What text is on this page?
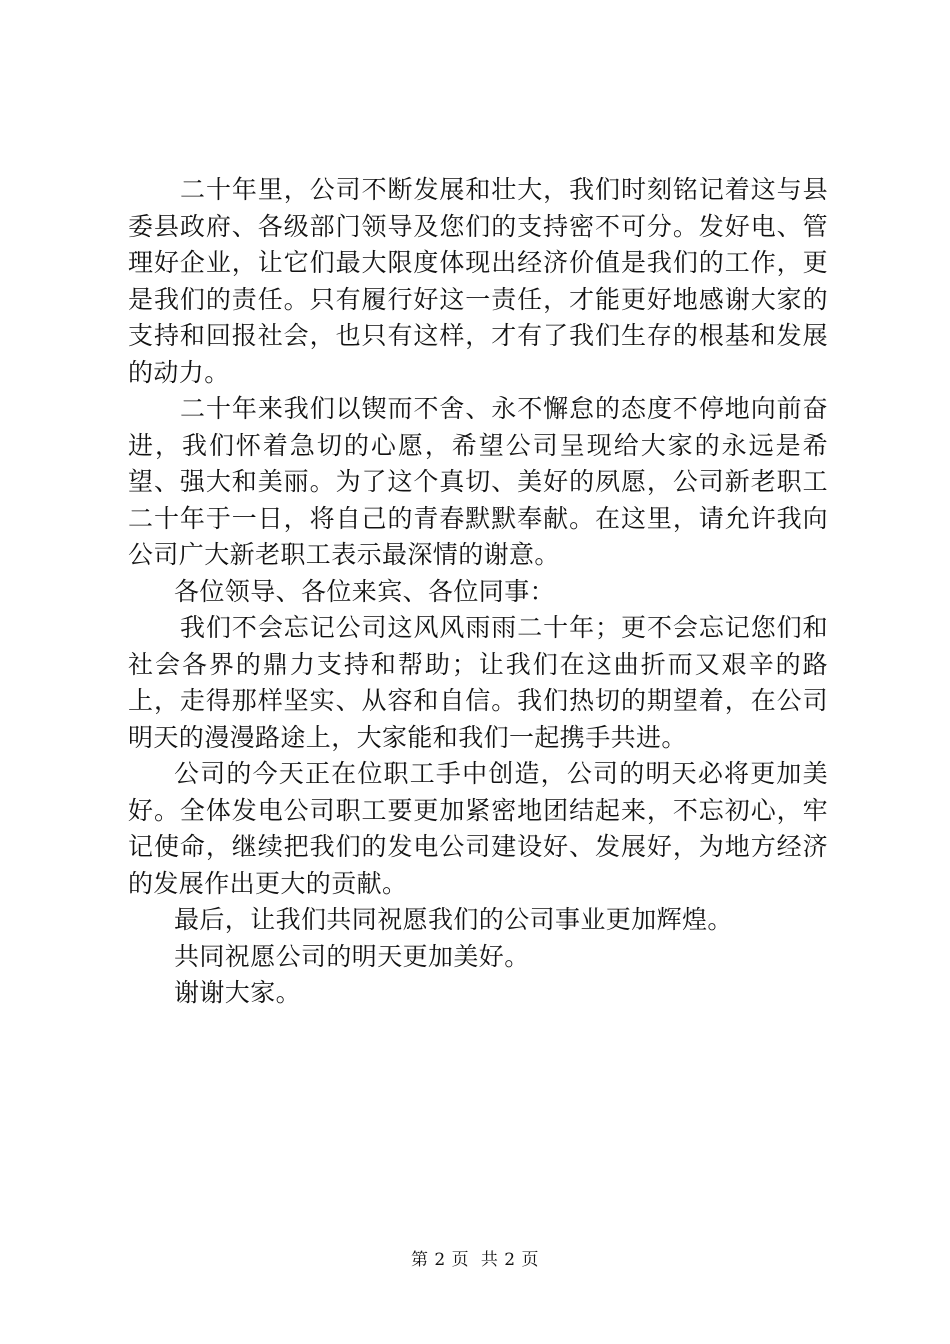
二十年里，公司不断发展和壮大，我们时刻铭记着这与县委县政府、各级部门领导及您们的支持密不可分。发好电、管理好企业，让它们最大限度体现出经济价值是我们的工作，更是我们的责任。只有履行好这一责任，才能更好地感谢大家的支持和回报社会，也只有这样，才有了我们生存的根基和发展的动力。

二十年来我们以锲而不舍、永不懈怠的态度不停地向前奋进，我们怀着急切的心愿，希望公司呈现给大家的永远是希望、强大和美丽。为了这个真切、美好的夙愿，公司新老职工二十年于一日，将自己的青春默默奉献。在这里，请允许我向公司广大新老职工表示最深情的谢意。

各位领导、各位来宾、各位同事：

我们不会忘记公司这风风雨雨二十年；更不会忘记您们和社会各界的鼎力支持和帮助；让我们在这曲折而又艰辛的路上，走得那样坚实、从容和自信。我们热切的期望着，在公司明天的漫漫路途上，大家能和我们一起携手共进。

公司的今天正在位职工手中创造，公司的明天必将更加美好。全体发电公司职工要更加紧密地团结起来，不忘初心，牢记使命，继续把我们的发电公司建设好、发展好，为地方经济的发展作出更大的贡献。

最后，让我们共同祝愿我们的公司事业更加辉煌。

共同祝愿公司的明天更加美好。

谢谢大家。

第 2 页  共 2 页
